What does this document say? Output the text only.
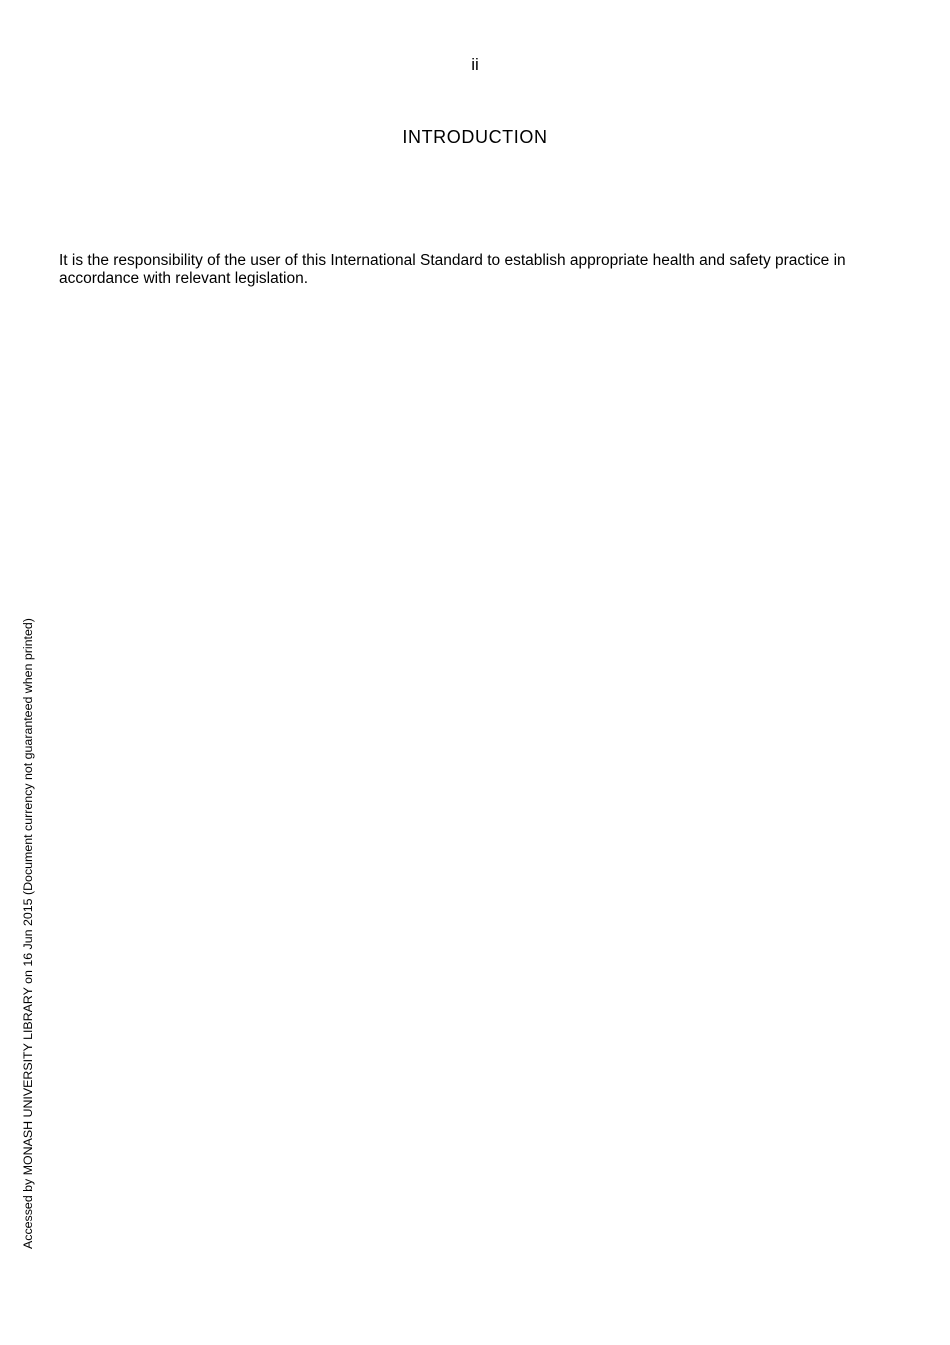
ii
INTRODUCTION

It is the responsibility of the user of this International Standard to establish appropriate health and safety practice in accordance with relevant legislation.

Accessed by MONASH UNIVERSITY LIBRARY on 16 Jun 2015 (Document currency not guaranteed when printed)
